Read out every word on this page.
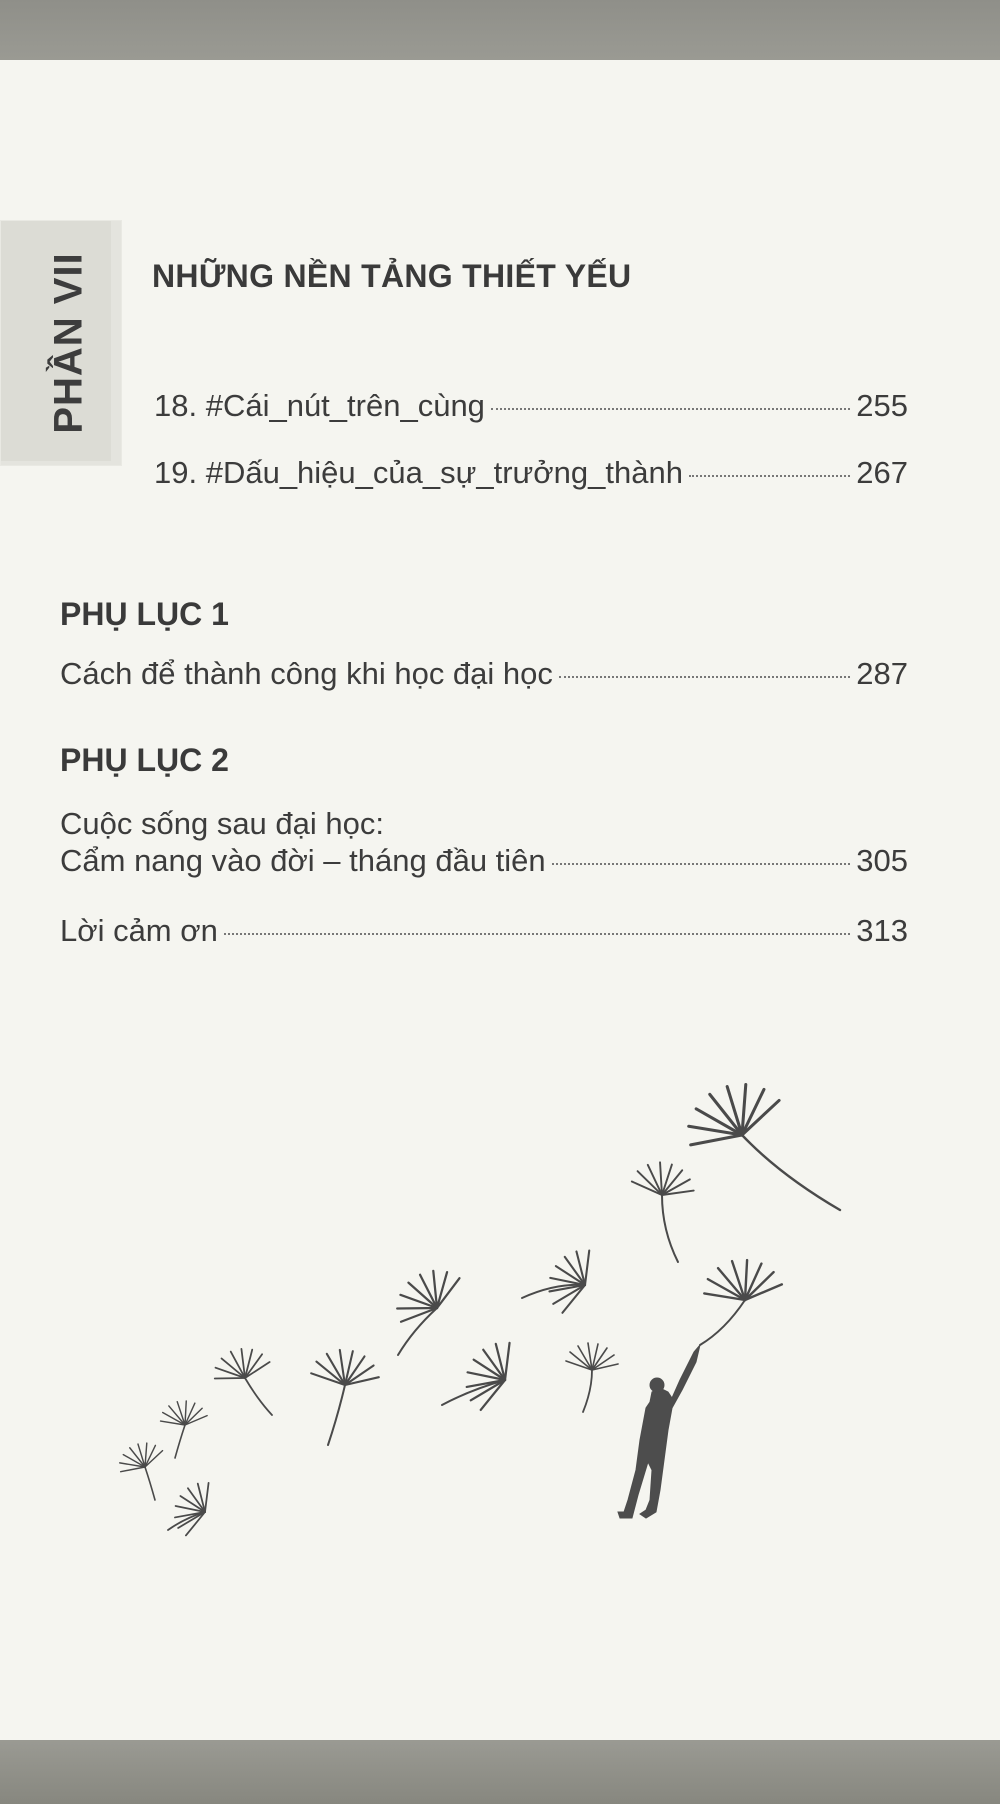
PHẦN VII NHỮNG NỀN TẢNG THIẾT YẾU
18. #Cái_nút_trên_cùng	255
19. #Dấu_hiệu_của_sự_trưởng_thành	267
PHỤ LỤC 1
Cách để thành công khi học đại học	287
PHỤ LỤC 2
Cuộc sống sau đại học:
Cẩm nang vào đời – tháng đầu tiên	305
Lời cảm ơn	313
